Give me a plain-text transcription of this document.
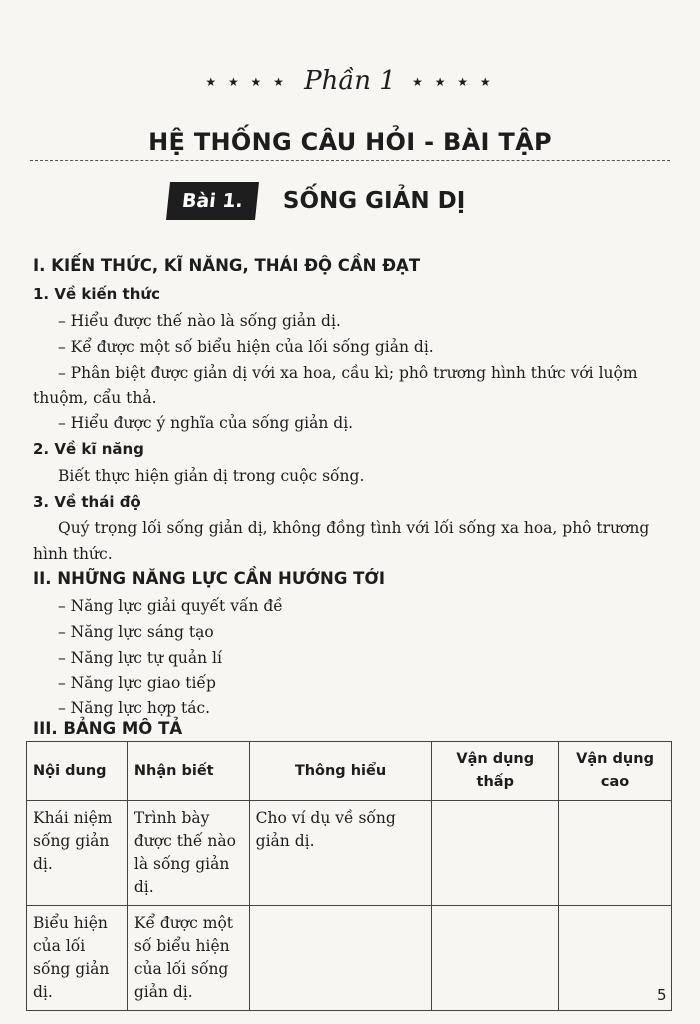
★ ★ ★ ★ Phần 1 ★ ★ ★ ★
HỆ THỐNG CÂU HỎI - BÀI TẬP
Bài 1.	SỐNG GIẢN DỊ
I. KIẾN THỨC, KĨ NĂNG, THÁI ĐỘ CẦN ĐẠT
1. Về kiến thức
– Hiểu được thế nào là sống giản dị.
– Kể được một số biểu hiện của lối sống giản dị.
– Phân biệt được giản dị với xa hoa, cầu kì; phô trương hình thức với luộm
thuộm, cẩu thả.
– Hiểu được ý nghĩa của sống giản dị.
2. Về kĩ năng
Biết thực hiện giản dị trong cuộc sống.
3. Về thái độ
Quý trọng lối sống giản dị, không đồng tình với lối sống xa hoa, phô trương
hình thức.
II. NHỮNG NĂNG LỰC CẦN HƯỚNG TỚI
– Năng lực giải quyết vấn đề
– Năng lực sáng tạo
– Năng lực tự quản lí
– Năng lực giao tiếp
– Năng lực hợp tác.
III. BẢNG MÔ TẢ
Nội dung	Nhận biết	Thông hiểu	Vận dụng thấp	Vận dụng cao
Khái niệm sống giản dị.	Trình bày được thế nào là sống giản dị.	Cho ví dụ về sống giản dị.		
Biểu hiện của lối sống giản dị.	Kể được một số biểu hiện của lối sống giản dị.				5
